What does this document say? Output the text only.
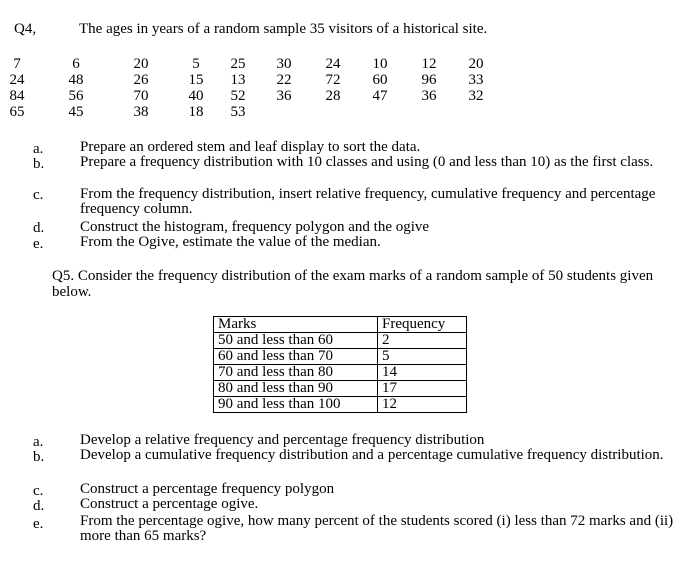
Q4,	The ages in years of a random sample 35 visitors of a historical site.
7	6	20	5	25	30	24	10	12	20
24	48	26	15	13	22	72	60	96	33
84	56	70	40	52	36	28	47	36	32
65	45	38	18	53
a. Prepare an ordered stem and leaf display to sort the data.
b. Prepare a frequency distribution with 10 classes and using (0 and less than 10) as the first class.
c. From the frequency distribution, insert relative frequency, cumulative frequency and percentage frequency column.
d. Construct the histogram, frequency polygon and the ogive
e. From the Ogive, estimate the value of the median.
Q5. Consider the frequency distribution of the exam marks of a random sample of 50 students given below.
Marks	Frequency
50 and less than 60	2
60 and less than 70	5
70 and less than 80	14
80 and less than 90	17
90 and less than 100	12
a. Develop a relative frequency and percentage frequency distribution
b. Develop a cumulative frequency distribution and a percentage cumulative frequency distribution.
c. Construct a percentage frequency polygon
d. Construct a percentage ogive.
e. From the percentage ogive, how many percent of the students scored (i) less than 72 marks and (ii) more than 65 marks?
